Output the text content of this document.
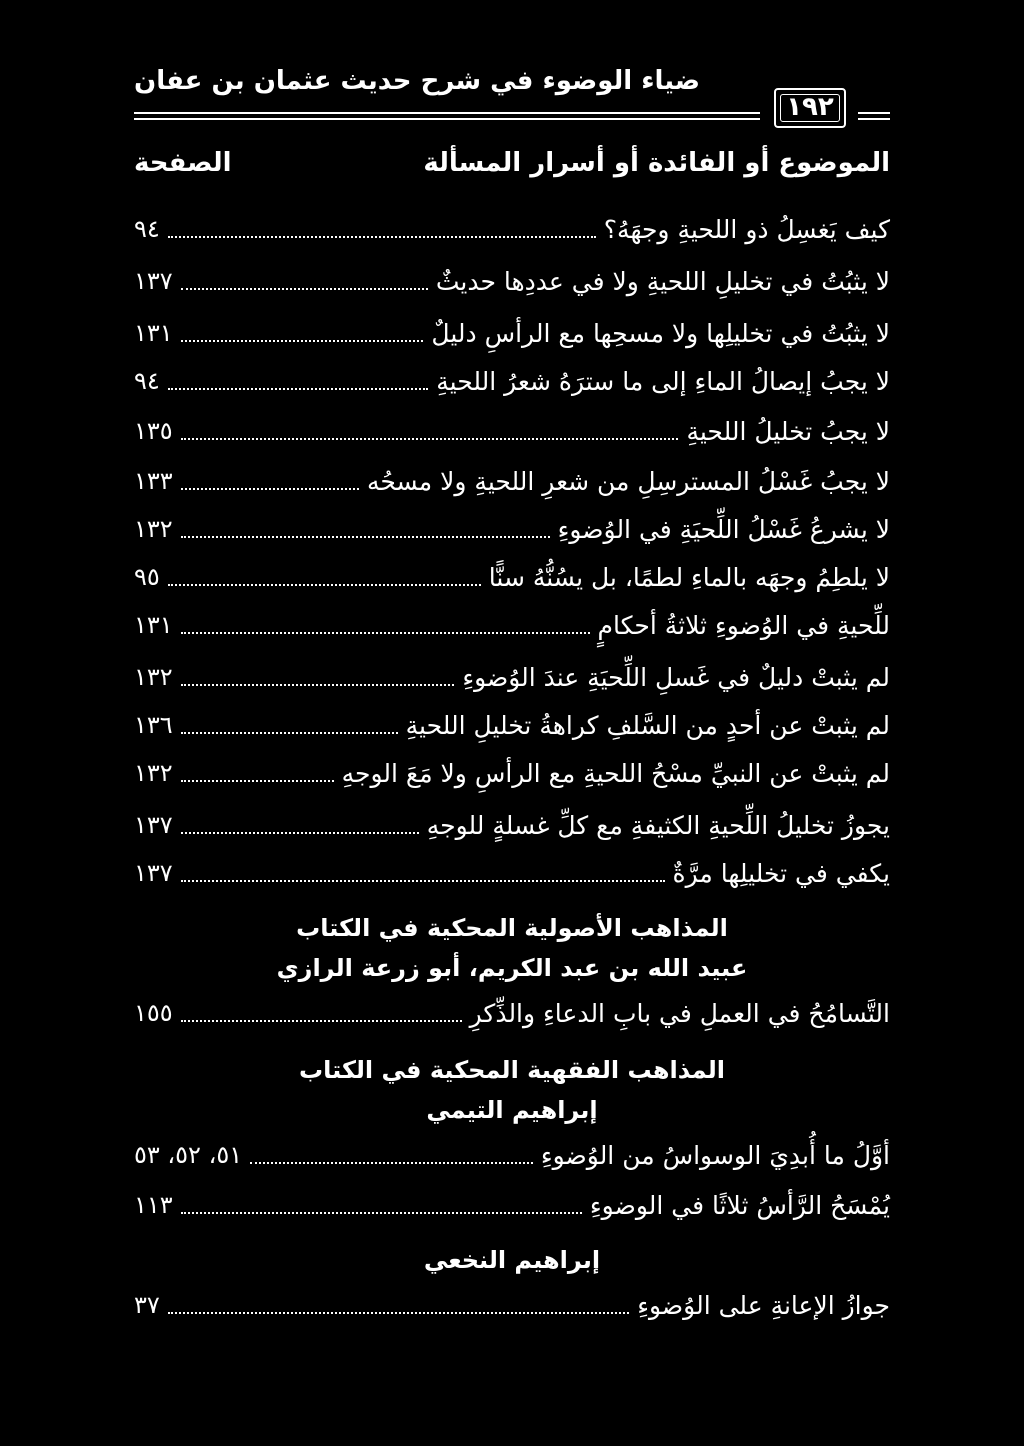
ضياء الوضوء في شرح حديث عثمان بن عفان
١٩٢
الموضوع أو الفائدة أو أسرار المسألة
الصفحة
كيف يَغسِلُ ذو اللحيةِ وجهَهُ؟
٩٤
لا يثبُتُ في تخليلِ اللحيةِ ولا في عددِها حديثٌ
١٣٧
لا يثبُتُ في تخليلِها ولا مسحِها مع الرأسِ دليلٌ
١٣١
لا يجبُ إيصالُ الماءِ إلى ما سترَهُ شعرُ اللحيةِ
٩٤
لا يجبُ تخليلُ اللحيةِ
١٣٥
لا يجبُ غَسْلُ المسترسِلِ من شعرِ اللحيةِ ولا مسحُه
١٣٣
لا يشرعُ غَسْلُ اللِّحيَةِ في الوُضوءِ
١٣٢
لا يلطِمُ وجهَه بالماءِ لطمًا، بل يسُنُّهُ سنًّا
٩٥
للِّحيةِ في الوُضوءِ ثلاثةُ أحكامٍ
١٣١
لم يثبتْ دليلٌ في غَسلِ اللِّحيَةِ عندَ الوُضوءِ
١٣٢
لم يثبتْ عن أحدٍ من السَّلفِ كراهةُ تخليلِ اللحيةِ
١٣٦
لم يثبتْ عن النبيِّ مسْحُ اللحيةِ مع الرأسِ ولا مَعَ الوجهِ
١٣٢
يجوزُ تخليلُ اللِّحيةِ الكثيفةِ مع كلِّ غسلةٍ للوجهِ
١٣٧
يكفي في تخليلِها مرَّةٌ
١٣٧
المذاهب الأصولية المحكية في الكتاب
عبيد الله بن عبد الكريم، أبو زرعة الرازي
التَّسامُحُ في العملِ في بابِ الدعاءِ والذِّكرِ
١٥٥
المذاهب الفقهية المحكية في الكتاب
إبراهيم التيمي
أوَّلُ ما أُبدِيَ الوسواسُ من الوُضوءِ
٥١، ٥٢، ٥٣
يُمْسَحُ الرَّأسُ ثلاثًا في الوضوءِ
١١٣
إبراهيم النخعي
جوازُ الإعانةِ على الوُضوءِ
٣٧
